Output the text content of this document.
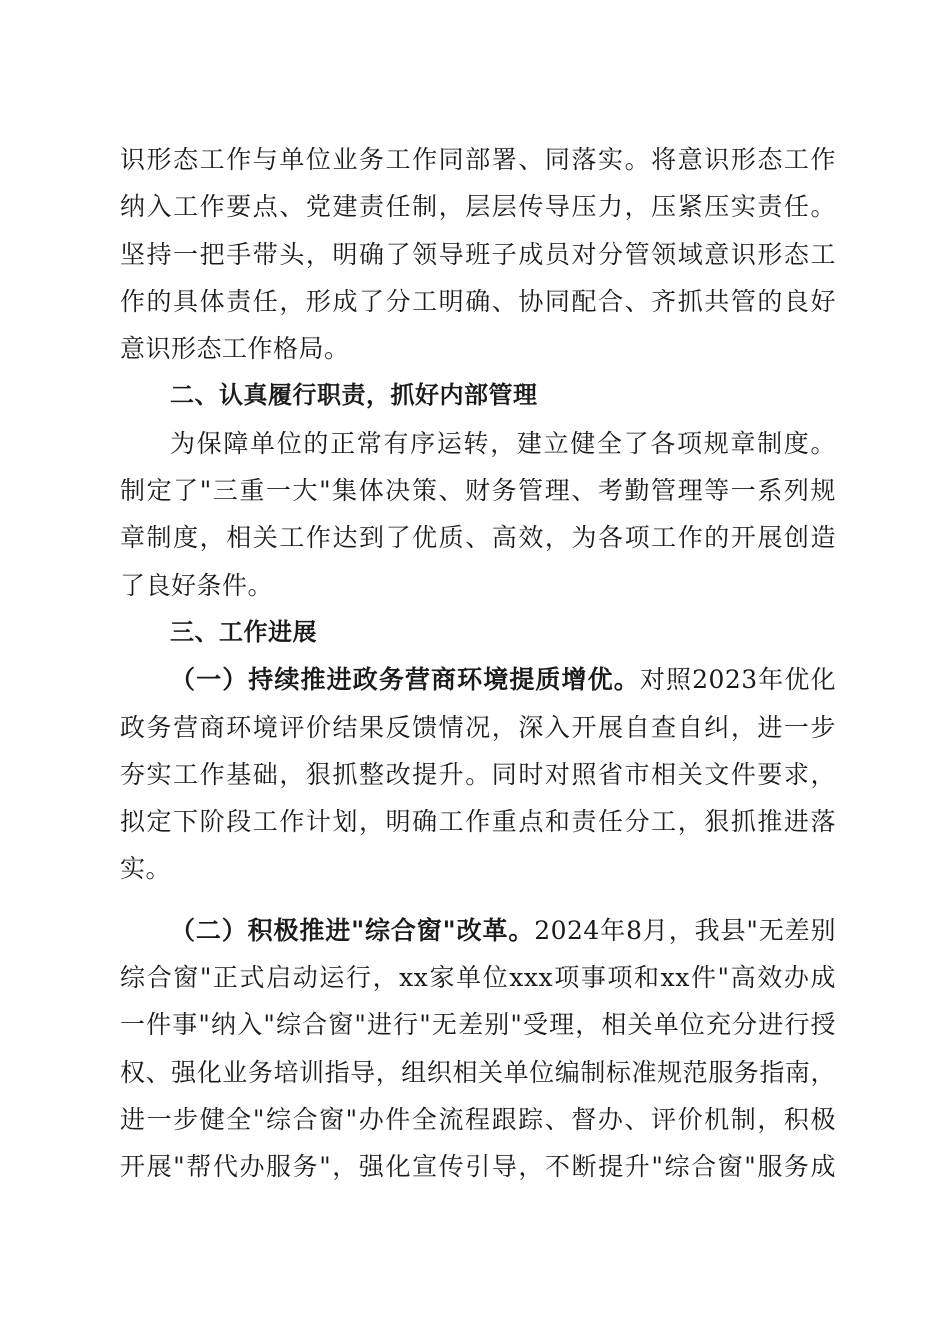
识形态工作与单位业务工作同部署、同落实。将意识形态工作
纳入工作要点、党建责任制，层层传导压力，压紧压实责任。
坚持一把手带头，明确了领导班子成员对分管领域意识形态工
作的具体责任，形成了分工明确、协同配合、齐抓共管的良好
意识形态工作格局。
二、认真履行职责，抓好内部管理
为保障单位的正常有序运转，建立健全了各项规章制度。
制定了"三重一大"集体决策、财务管理、考勤管理等一系列规
章制度，相关工作达到了优质、高效，为各项工作的开展创造
了良好条件。
三、工作进展
（一）持续推进政务营商环境提质增优。对照2023年优化
政务营商环境评价结果反馈情况，深入开展自查自纠，进一步
夯实工作基础，狠抓整改提升。同时对照省市相关文件要求，
拟定下阶段工作计划，明确工作重点和责任分工，狠抓推进落
实。
（二）积极推进"综合窗"改革。2024年8月，我县"无差别
综合窗"正式启动运行，xx家单位xxx项事项和xx件"高效办成
一件事"纳入"综合窗"进行"无差别"受理，相关单位充分进行授
权、强化业务培训指导，组织相关单位编制标准规范服务指南，
进一步健全"综合窗"办件全流程跟踪、督办、评价机制，积极
开展"帮代办服务"，强化宣传引导，不断提升"综合窗"服务成
